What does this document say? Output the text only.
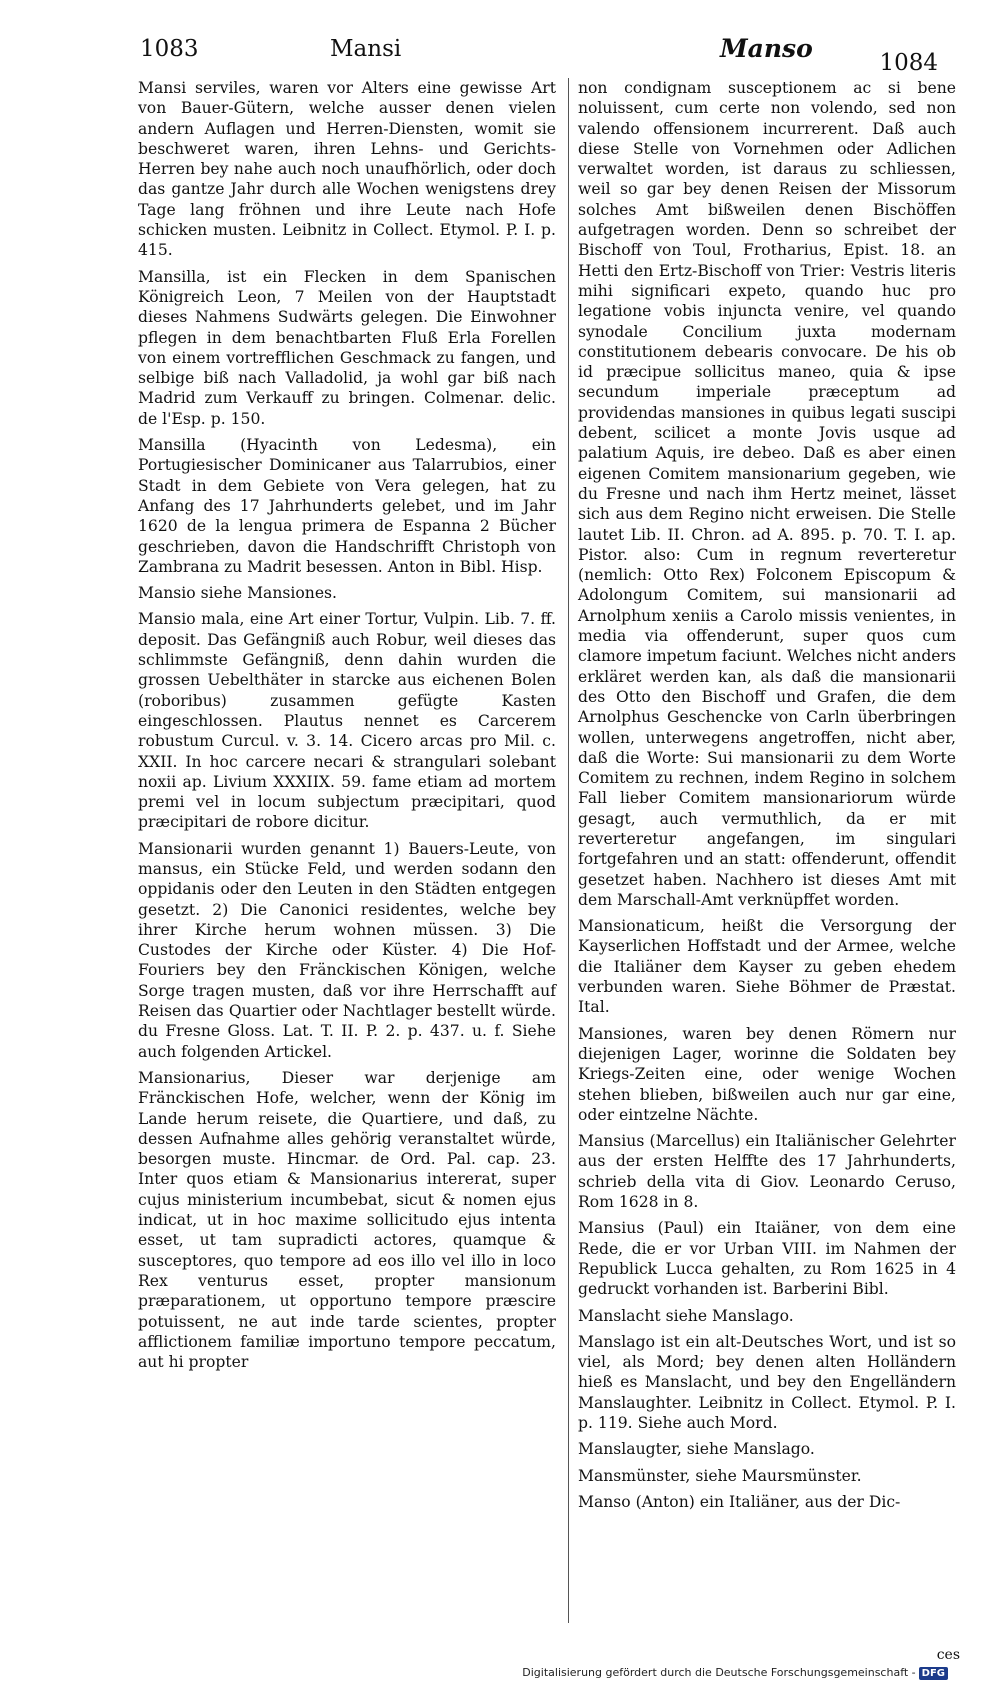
1083	Mansi	Manso	1084

Mansi serviles, waren vor Alters eine gewisse Art von Bauer-Gütern, welche ausser denen vielen andern Auflagen und Herren-Diensten, womit sie beschweret waren, ihren Lehns- und Gerichts-Herren bey nahe auch noch unaufhörlich, oder doch das gantze Jahr durch alle Wochen wenigstens drey Tage lang fröhnen und ihre Leute nach Hofe schicken musten. Leibnitz in Collect. Etymol. P. I. p. 415.

Mansilla, ist ein Flecken in dem Spanischen Königreich Leon, 7 Meilen von der Hauptstadt dieses Nahmens Sudwärts gelegen. Die Einwohner pflegen in dem benachtbarten Fluß Erla Forellen von einem vortrefflichen Geschmack zu fangen, und selbige biß nach Valladolid, ja wohl gar biß nach Madrid zum Verkauff zu bringen. Colmenar. delic. de l'Esp. p. 150.

Mansilla (Hyacinth von Ledesma), ein Portugiesischer Dominicaner aus Talarrubios, einer Stadt in dem Gebiete von Vera gelegen, hat zu Anfang des 17 Jahrhunderts gelebet, und im Jahr 1620 de la lengua primera de Espanna 2 Bücher geschrieben, davon die Handschrifft Christoph von Zambrana zu Madrit besessen. Anton in Bibl. Hisp.

Mansio siehe Mansiones.

Mansio mala, eine Art einer Tortur, Vulpin. Lib. 7. ff. deposit. Das Gefängniß auch Robur, weil dieses das schlimmste Gefängniß, denn dahin wurden die grossen Uebelthäter in starcke aus eichenen Bolen (roboribus) zusammen gefügte Kasten eingeschlossen. Plautus nennet es Carcerem robustum Curcul. v. 3. 14. Cicero arcas pro Mil. c. XXII. In hoc carcere necari & strangulari solebant noxii ap. Livium XXXIIX. 59. fame etiam ad mortem premi vel in locum subjectum præcipitari, quod præcipitari de robore dicitur.

Mansionarii wurden genannt 1) Bauers-Leute, von mansus, ein Stücke Feld, und werden sodann den oppidanis oder den Leuten in den Städten entgegen gesetzt. 2) Die Canonici residentes, welche bey ihrer Kirche herum wohnen müssen. 3) Die Custodes der Kirche oder Küster. 4) Die Hof-Fouriers bey den Fränckischen Königen, welche Sorge tragen musten, daß vor ihre Herrschafft auf Reisen das Quartier oder Nachtlager bestellt würde. du Fresne Gloss. Lat. T. II. P. 2. p. 437. u. f. Siehe auch folgenden Artickel.

Mansionarius, Dieser war derjenige am Fränckischen Hofe, welcher, wenn der König im Lande herum reisete, die Quartiere, und daß, zu dessen Aufnahme alles gehörig veranstaltet würde, besorgen muste. Hincmar. de Ord. Pal. cap. 23. Inter quos etiam & Mansionarius intererat, super cujus ministerium incumbebat, sicut & nomen ejus indicat, ut in hoc maxime sollicitudo ejus intenta esset, ut tam supradicti actores, quamque & susceptores, quo tempore ad eos illo vel illo in loco Rex venturus esset, propter mansionum præparationem, ut opportuno tempore præscire potuissent, ne aut inde tarde scientes, propter afflictionem familiæ importuno tempore peccatum, aut hi propter

non condignam susceptionem ac si bene noluissent, cum certe non volendo, sed non valendo offensionem incurrerent. Daß auch diese Stelle von Vornehmen oder Adlichen verwaltet worden, ist daraus zu schliessen, weil so gar bey denen Reisen der Missorum solches Amt bißweilen denen Bischöffen aufgetragen worden. Denn so schreibet der Bischoff von Toul, Frotharius, Epist. 18. an Hetti den Ertz-Bischoff von Trier: Vestris literis mihi significari expeto, quando huc pro legatione vobis injuncta venire, vel quando synodale Concilium juxta modernam constitutionem debearis convocare. De his ob id præcipue sollicitus maneo, quia & ipse secundum imperiale præceptum ad providendas mansiones in quibus legati suscipi debent, scilicet a monte Jovis usque ad palatium Aquis, ire debeo. Daß es aber einen eigenen Comitem mansionarium gegeben, wie du Fresne und nach ihm Hertz meinet, lässet sich aus dem Regino nicht erweisen. Die Stelle lautet Lib. II. Chron. ad A. 895. p. 70. T. I. ap. Pistor. also: Cum in regnum reverteretur (nemlich: Otto Rex) Folconem Episcopum & Adolongum Comitem, sui mansionarii ad Arnolphum xeniis a Carolo missis venientes, in media via offenderunt, super quos cum clamore impetum faciunt. Welches nicht anders erkläret werden kan, als daß die mansionarii des Otto den Bischoff und Grafen, die dem Arnolphus Geschencke von Carln überbringen wollen, unterwegens angetroffen, nicht aber, daß die Worte: Sui mansionarii zu dem Worte Comitem zu rechnen, indem Regino in solchem Fall lieber Comitem mansionariorum würde gesagt, auch vermuthlich, da er mit reverteretur angefangen, im singulari fortgefahren und an statt: offenderunt, offendit gesetzet haben. Nachhero ist dieses Amt mit dem Marschall-Amt verknüpffet worden.

Mansionaticum, heißt die Versorgung der Kayserlichen Hoffstadt und der Armee, welche die Italiäner dem Kayser zu geben ehedem verbunden waren. Siehe Böhmer de Præstat. Ital.

Mansiones, waren bey denen Römern nur diejenigen Lager, worinne die Soldaten bey Kriegs-Zeiten eine, oder wenige Wochen stehen blieben, bißweilen auch nur gar eine, oder eintzelne Nächte.

Mansius (Marcellus) ein Italiänischer Gelehrter aus der ersten Helffte des 17 Jahrhunderts, schrieb della vita di Giov. Leonardo Ceruso, Rom 1628 in 8.

Mansius (Paul) ein Itaiäner, von dem eine Rede, die er vor Urban VIII. im Nahmen der Republick Lucca gehalten, zu Rom 1625 in 4 gedruckt vorhanden ist. Barberini Bibl.

Manslacht siehe Manslago.

Manslago ist ein alt-Deutsches Wort, und ist so viel, als Mord; bey denen alten Holländern hieß es Manslacht, und bey den Engelländern Manslaughter. Leibnitz in Collect. Etymol. P. I. p. 119. Siehe auch Mord.

Manslaugter, siehe Manslago.

Mansmünster, siehe Maursmünster.

Manso (Anton) ein Italiäner, aus der Dic-

ces
Digitalisierung gefördert durch die Deutsche Forschungsgemeinschaft - DFG
